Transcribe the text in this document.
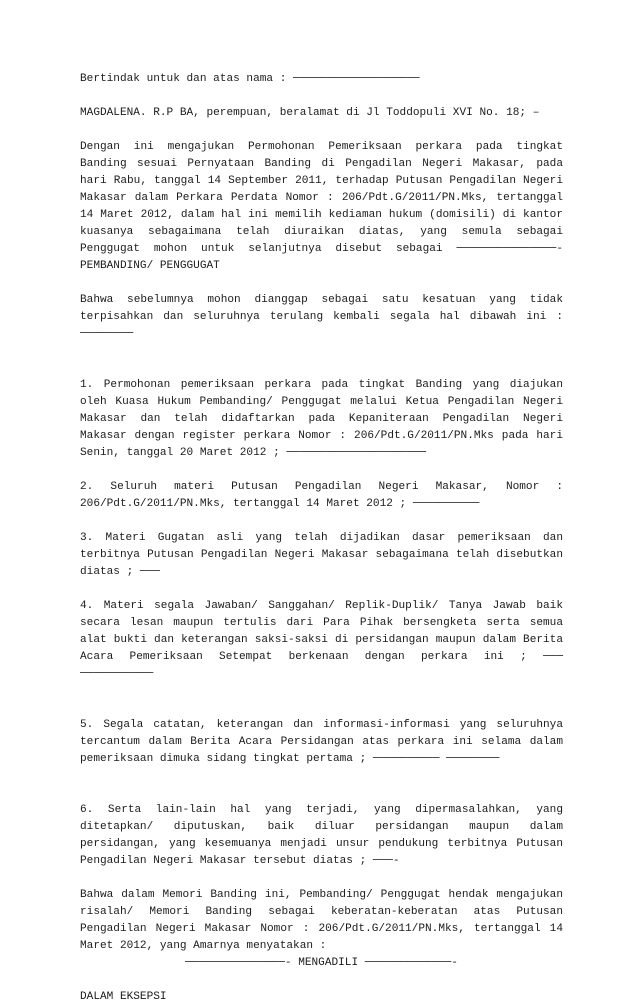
Bertindak untuk dan atas nama : ───────────────────

MAGDALENA. R.P BA, perempuan, beralamat di Jl Toddopuli XVI No. 18; –

Dengan ini mengajukan Permohonan Pemeriksaan perkara pada tingkat Banding sesuai Pernyataan Banding di Pengadilan Negeri Makasar, pada hari Rabu, tanggal 14 September 2011, terhadap Putusan Pengadilan Negeri Makasar dalam Perkara Perdata Nomor : 206/Pdt.G/2011/PN.Mks, tertanggal 14 Maret 2012, dalam hal ini memilih kediaman hukum (domisili) di kantor kuasanya sebagaimana telah diuraikan diatas, yang semula sebagai Penggugat mohon untuk selanjutnya disebut sebagai ───────────────- PEMBANDING/ PENGGUGAT

Bahwa sebelumnya mohon dianggap sebagai satu kesatuan yang tidak terpisahkan dan seluruhnya terulang kembali segala hal dibawah ini : ────────

1. Permohonan pemeriksaan perkara pada tingkat Banding yang diajukan oleh Kuasa Hukum Pembanding/ Penggugat melalui Ketua Pengadilan Negeri Makasar dan telah didaftarkan pada Kepaniteraan Pengadilan Negeri Makasar dengan register perkara Nomor : 206/Pdt.G/2011/PN.Mks pada hari Senin, tanggal 20 Maret 2012 ; ─────────────────────

2. Seluruh materi Putusan Pengadilan Negeri Makasar, Nomor : 206/Pdt.G/2011/PN.Mks, tertanggal 14 Maret 2012 ; ──────────

3. Materi Gugatan asli yang telah dijadikan dasar pemeriksaan dan terbitnya Putusan Pengadilan Negeri Makasar sebagaimana telah disebutkan diatas ; ───

4. Materi segala Jawaban/ Sanggahan/ Replik-Duplik/ Tanya Jawab baik secara lesan maupun tertulis dari Para Pihak bersengketa serta semua alat bukti dan keterangan saksi-saksi di persidangan maupun dalam Berita Acara Pemeriksaan Setempat berkenaan dengan perkara ini ; ─── ───────────

5. Segala catatan, keterangan dan informasi-informasi yang seluruhnya tercantum dalam Berita Acara Persidangan atas perkara ini selama dalam pemeriksaan dimuka sidang tingkat pertama ; ────────── ────────

6. Serta lain-lain hal yang terjadi, yang dipermasalahkan, yang ditetapkan/ diputuskan, baik diluar persidangan maupun dalam persidangan, yang kesemuanya menjadi unsur pendukung terbitnya Putusan Pengadilan Negeri Makasar tersebut diatas ; ───-

Bahwa dalam Memori Banding ini, Pembanding/ Penggugat hendak mengajukan risalah/ Memori Banding sebagai keberatan-keberatan atas Putusan Pengadilan Negeri Makasar Nomor : 206/Pdt.G/2011/PN.Mks, tertanggal 14 Maret 2012, yang Amarnya menyatakan :

───────────────- MENGADILI ─────────────-

DALAM EKSEPSI
